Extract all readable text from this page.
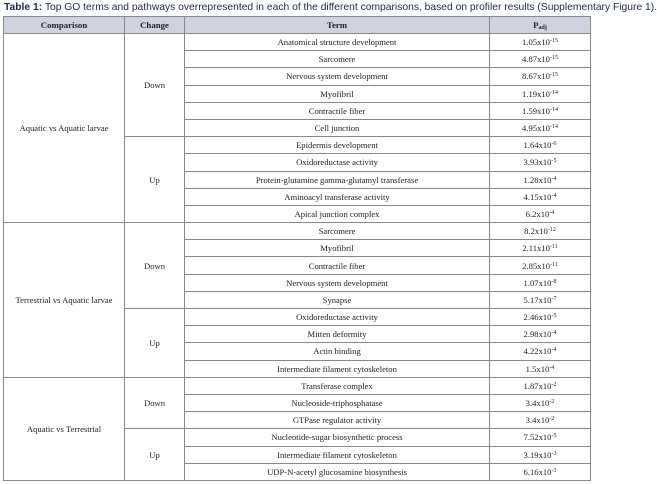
Table 1: Top GO terms and pathways overrepresented in each of the different comparisons, based on profiler results (Supplementary Figure 1).
Comparison	Change	Term	$P_{adj}$
Aquatic vs Aquatic larvae	Down	Anatomical structure development	$1.05x10^{-15}$
		Sarcomere	$4.87x10^{-15}$
		Nervous system development	$8.67x10^{-15}$
		Myofibril	$1.19x10^{-14}$
		Contractile fiber	$1.59x10^{-14}$
		Cell junction	$4.95x10^{-14}$
	Up	Epidermis development	$1.64x10^{-6}$
		Oxidoreductase activity	$3.93x10^{-5}$
		Protein-glutamine gamma-glutamyl transferase	$1.28x10^{-4}$
		Aminoacyl transferase activity	$4.15x10^{-4}$
		Apical junction complex	$6.2x10^{-4}$
Terrestrial vs Aquatic larvae	Down	Sarcomere	$8.2x10^{-12}$
		Myofibril	$2.11x10^{-11}$
		Contractile fiber	$2.85x10^{-11}$
		Nervous system development	$1.07x10^{-8}$
		Synapse	$5.17x10^{-7}$
	Up	Oxidoreductase activity	$2.46x10^{-5}$
		Mitten deformity	$2.98x10^{-4}$
		Actin binding	$4.22x10^{-4}$
		Intermediate filament cytoskeleton	$1.5x10^{-4}$
Aquatic vs Terrestrial	Down	Transferase complex	$1.87x10^{-2}$
		Nucleoside-triphosphatase	$3.4x10^{-2}$
		GTPase regulator activity	$3.4x10^{-2}$
	Up	Nucleotide-sugar biosynthetic process	$7.52x10^{-5}$
		Intermediate filament cytoskeleton	$3.19x10^{-3}$
		UDP-N-acetyl glucosamine biosynthesis	$6.16x10^{-3}$
